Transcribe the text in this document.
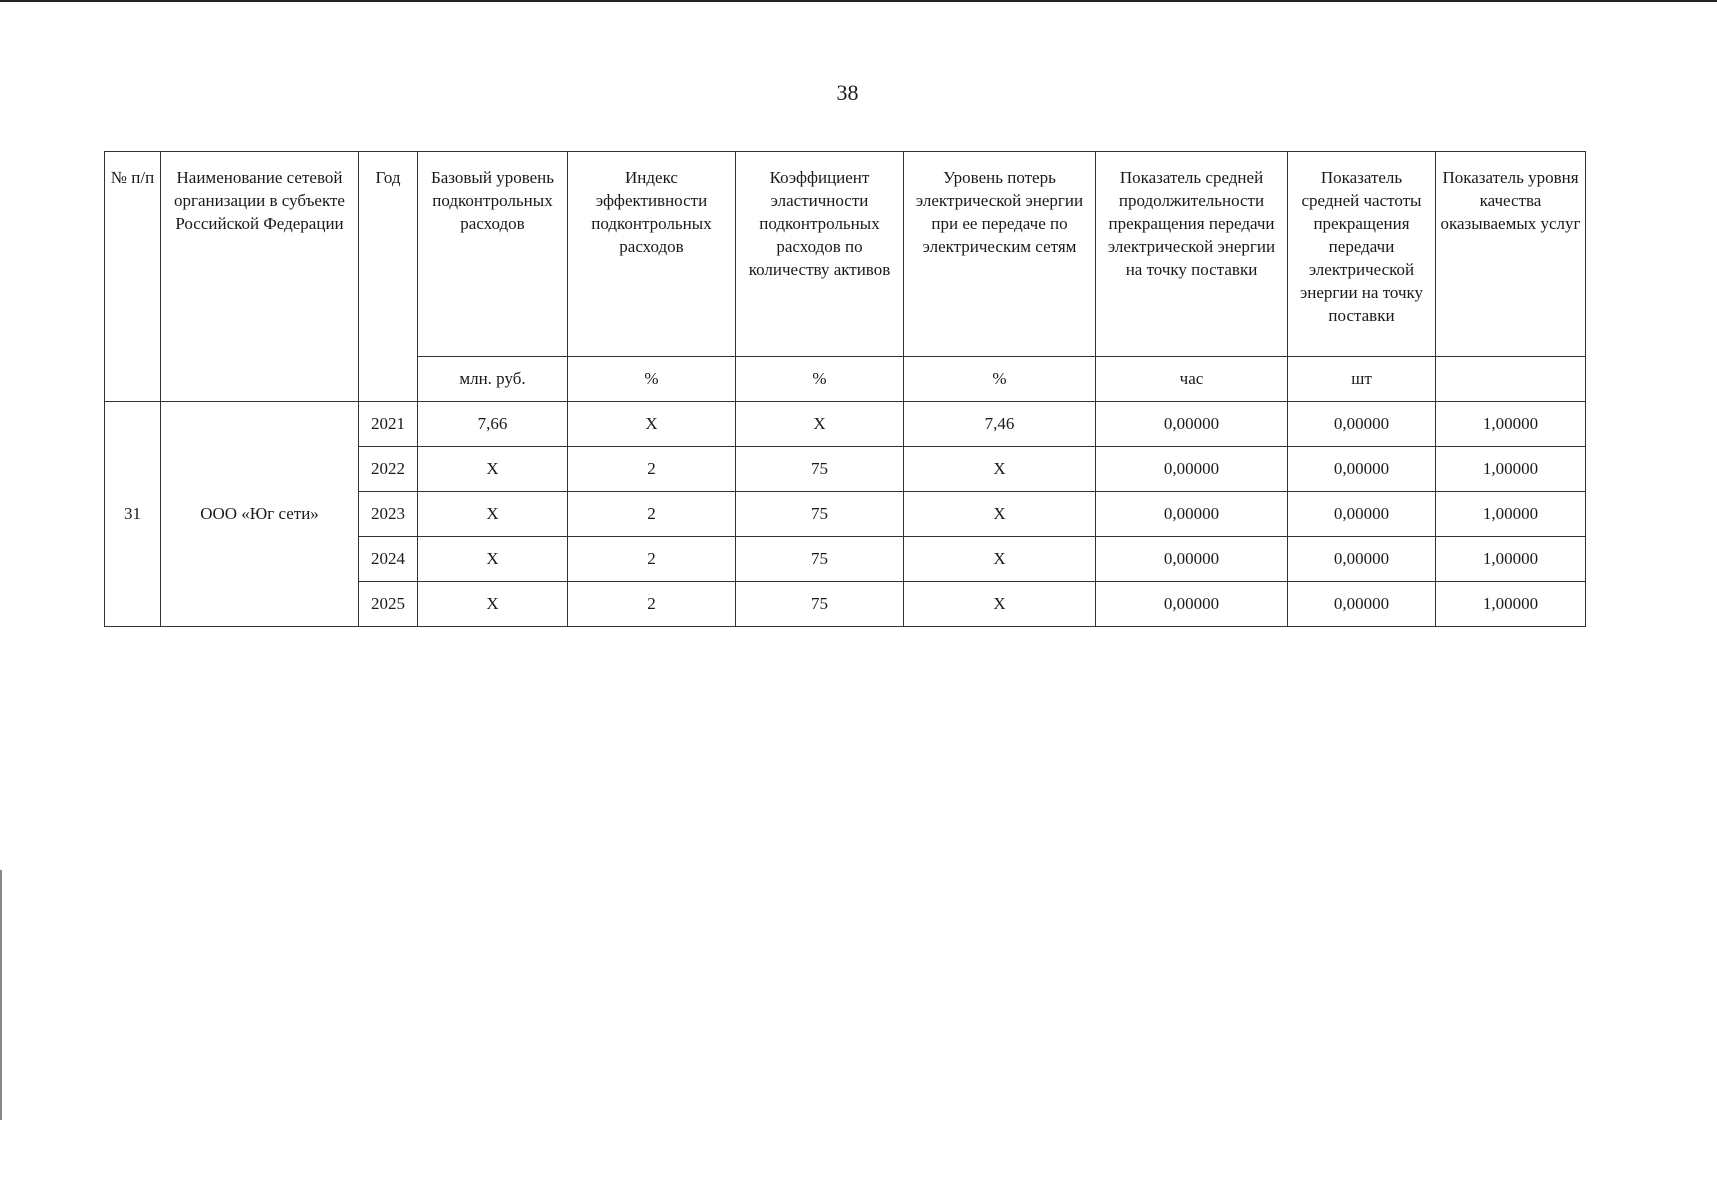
38
№ п/п	Наименование сетевой организации в субъекте Российской Федерации	Год	Базовый уровень подконтрольных расходов	Индекс эффективности подконтрольных расходов	Коэффициент эластичности подконтрольных расходов по количеству активов	Уровень потерь электрической энергии при ее передаче по электрическим сетям	Показатель средней продолжительности прекращения передачи электрической энергии на точку поставки	Показатель средней частоты прекращения передачи электрической энергии на точку поставки	Показатель уровня качества оказываемых услуг
			млн. руб.	%	%	%	час	шт	
31	ООО «Юг сети»	2021	7,66	X	X	7,46	0,00000	0,00000	1,00000
		2022	X	2	75	X	0,00000	0,00000	1,00000
		2023	X	2	75	X	0,00000	0,00000	1,00000
		2024	X	2	75	X	0,00000	0,00000	1,00000
		2025	X	2	75	X	0,00000	0,00000	1,00000
